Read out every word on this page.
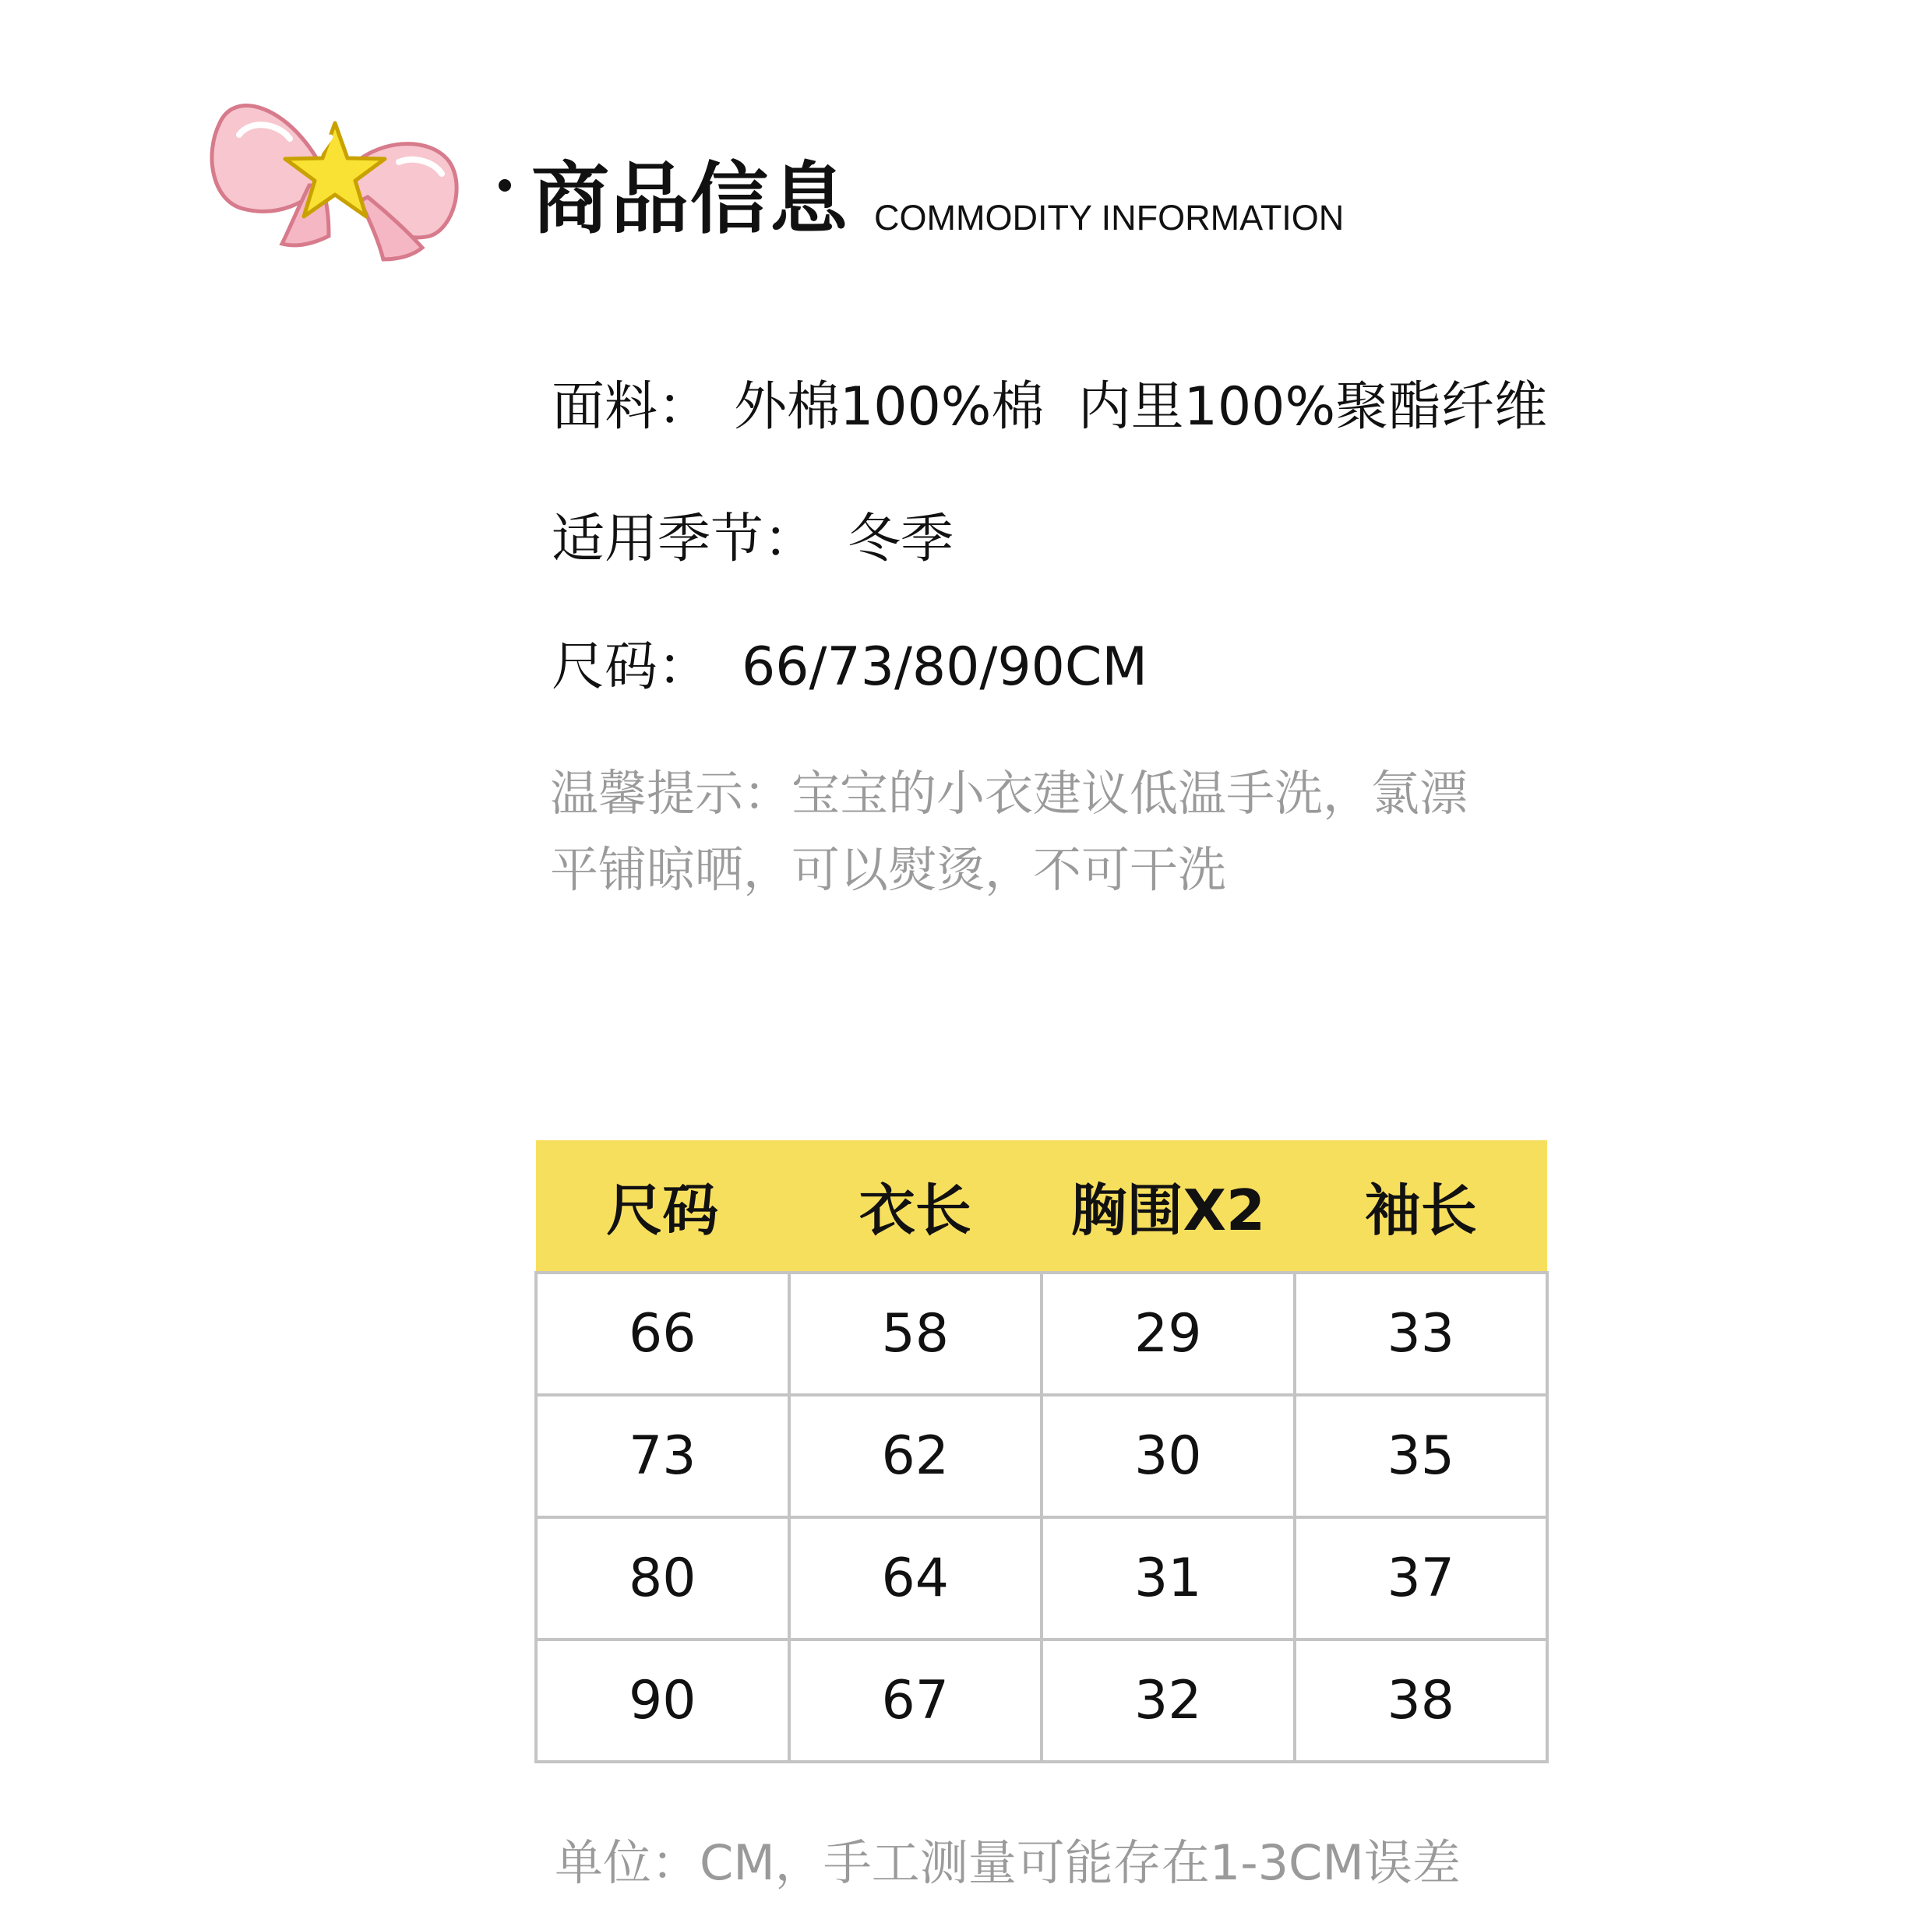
商品信息 COMMODITY INFORMATION
面料： 外棉100%棉  内里100%聚酯纤维
适用季节： 冬季
尺码： 66/73/80/90CM
温馨提示：宝宝的小衣建议低温手洗，氯漂
平铺晾晒，可以熨烫，不可干洗
尺码	衣长	胸围X2	袖长
66	58	29	33
73	62	30	35
80	64	31	37
90	67	32	38
单位：CM，手工测量可能存在1-3CM误差
